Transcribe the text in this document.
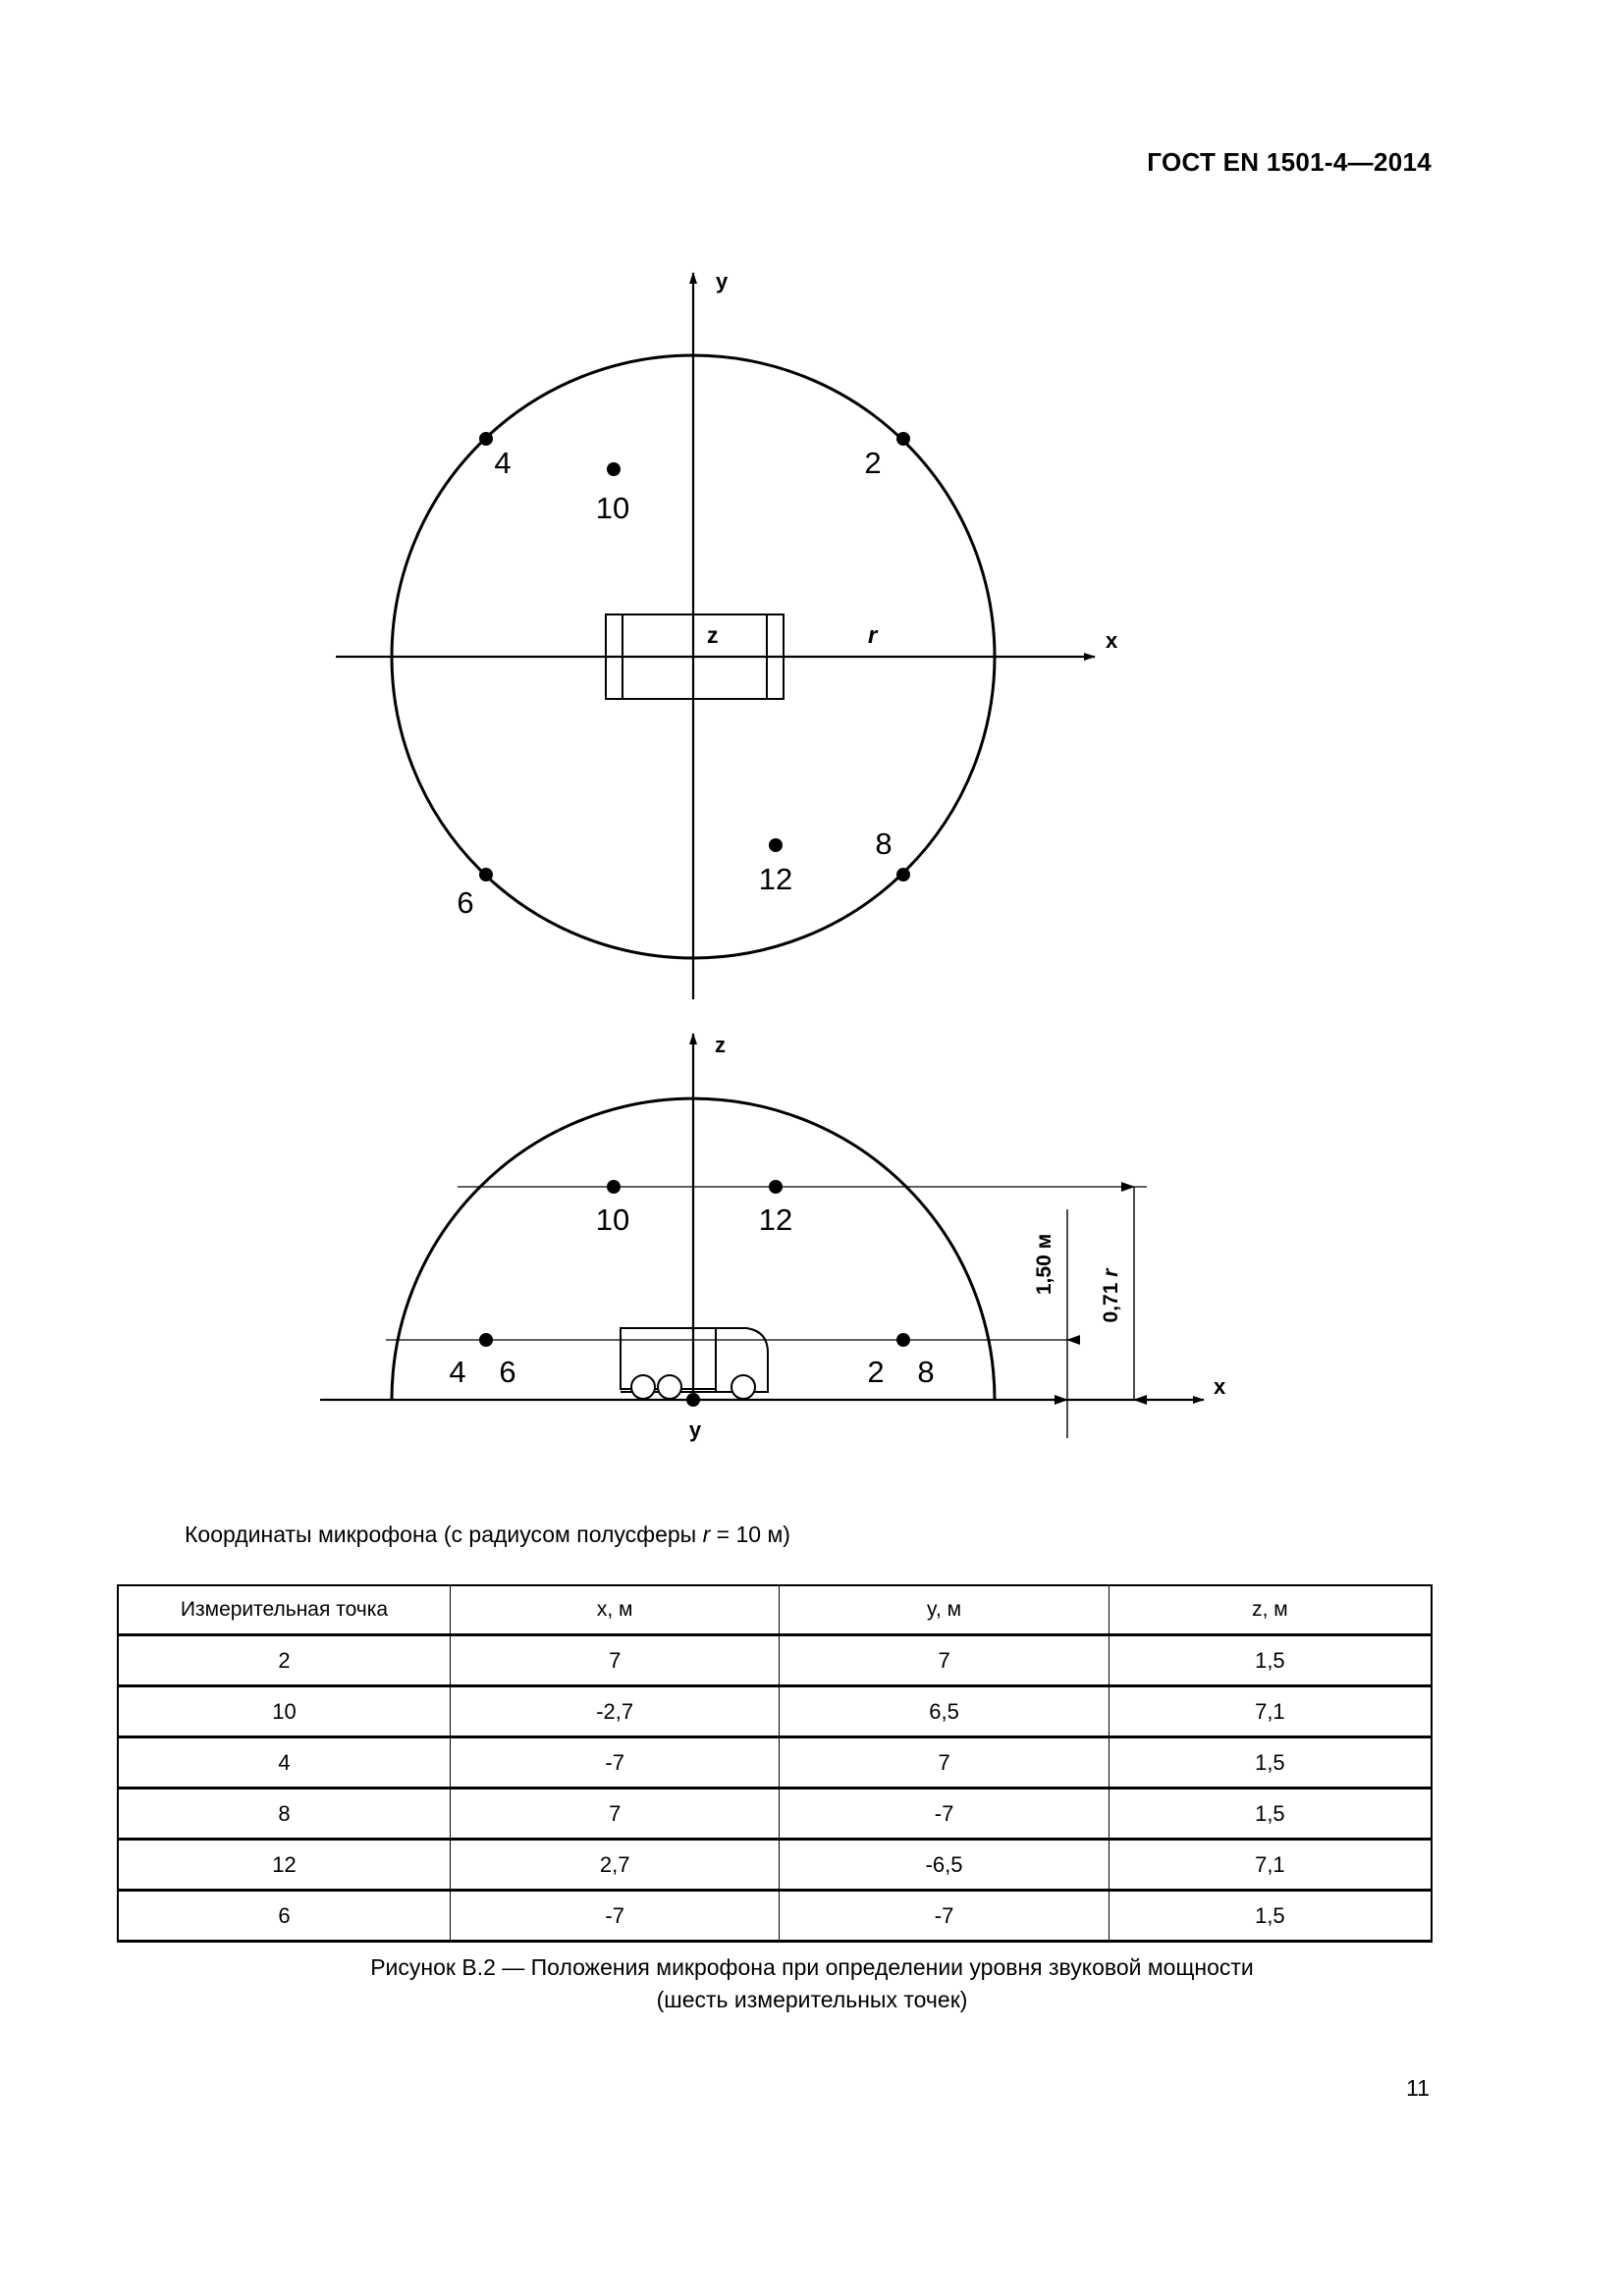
ГОСТ EN 1501-4—2014
y
x
z	r
4
10
2
6
12
8
z
x
y
10	12
4 6	2 8
1,50 м
0,71 r
Координаты микрофона (с радиусом полусферы r = 10 м)
Измерительная точка	x, м	y, м	z, м
2	7	7	1,5
10	-2,7	6,5	7,1
4	-7	7	1,5
8	7	-7	1,5
12	2,7	-6,5	7,1
6	-7	-7	1,5
Рисунок В.2 — Положения микрофона при определении уровня звуковой мощности
(шесть измерительных точек)
11
